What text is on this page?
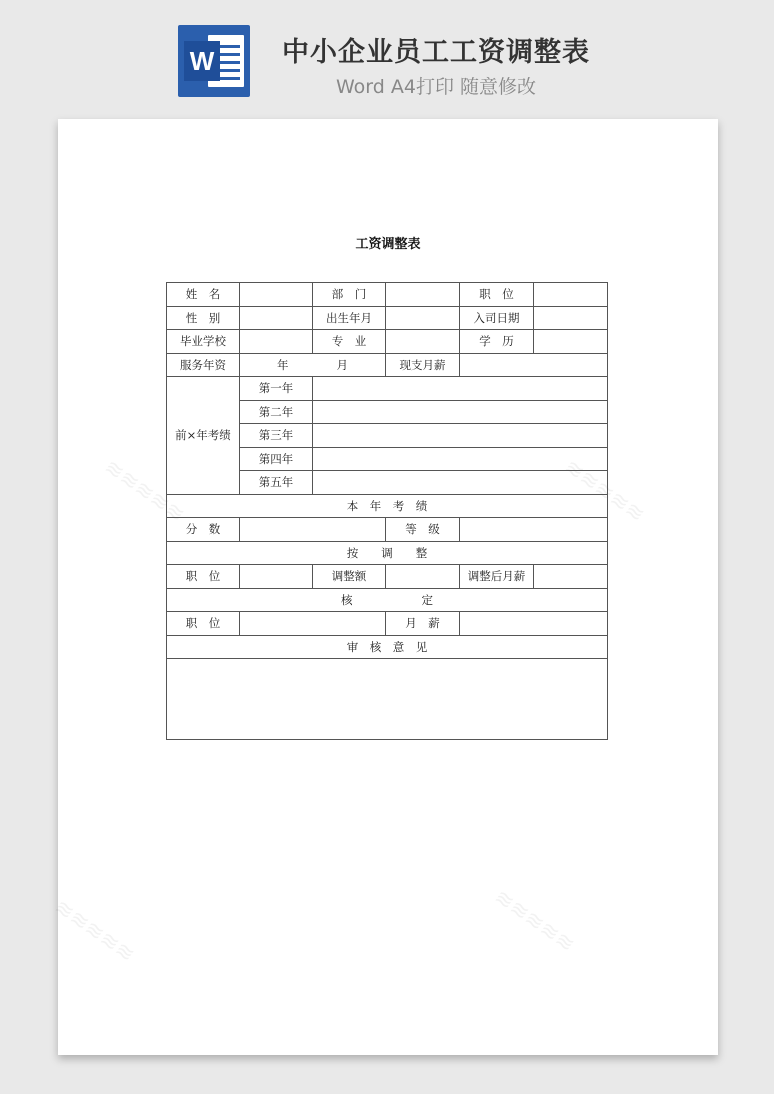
W	中小企业员工工资调整表
Word A4打印 随意修改
≋≋≋≋≋	≋≋≋≋≋
≋≋≋≋≋	≋≋≋≋≋
工资调整表
姓　名		部　门		职　位	
性　别		出生年月		入司日期	
毕业学校		专　业		学　历	
服务年资	年 月		现支月薪		
前×年考绩	第一年				
	第二年				
	第三年				
	第四年				
	第五年				
本　年　考　绩					
分　数			等　级		
按　　调　　整					
职　位		调整额		调整后月薪	
核　　　　　　定					
职　位			月　薪		
审　核　意　见					
